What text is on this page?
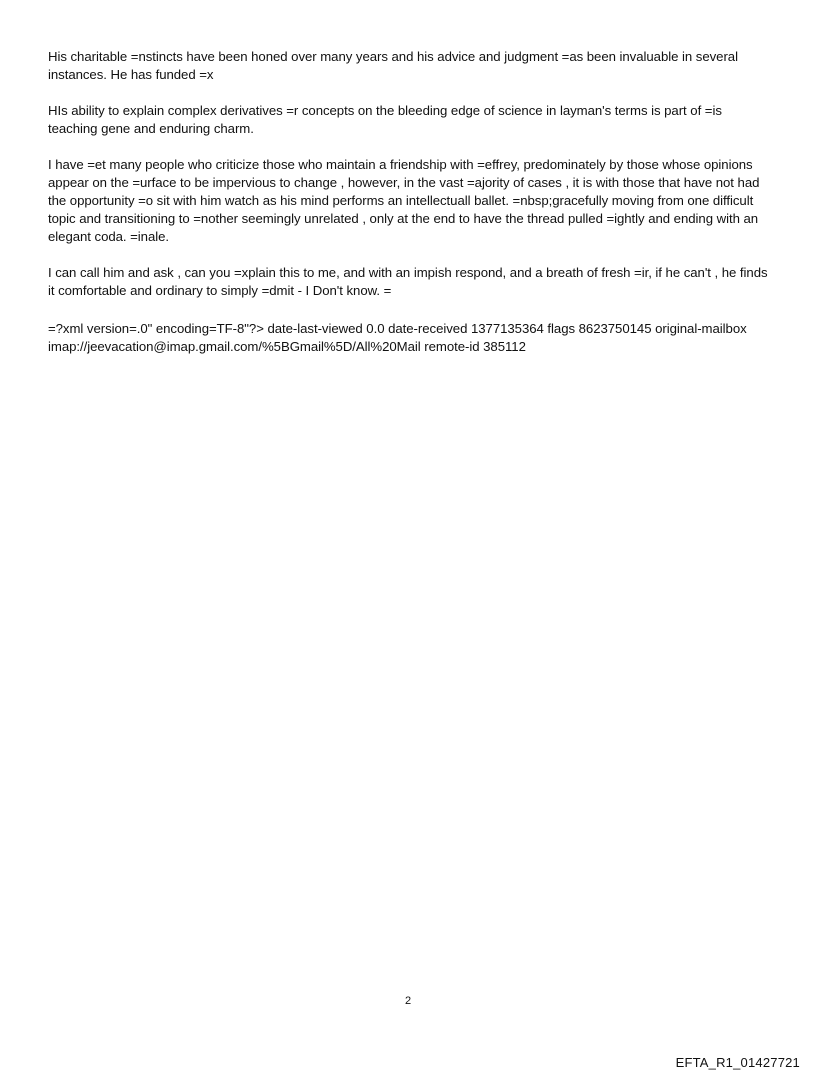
His charitable =nstincts have been honed over many years and his advice and judgment =as been invaluable in several instances. He has funded =x

HIs ability to explain complex derivatives =r concepts on the bleeding edge of science in layman's terms is part of =is teaching gene and enduring charm.

I have =et many people who criticize those who maintain a friendship with =effrey, predominately by those whose opinions appear on the =urface to be impervious to change , however, in the vast =ajority of cases , it is with those that have not had the opportunity =o sit with him watch as his mind performs an intellectuall ballet. =nbsp;gracefully moving from one difficult topic and transitioning to =nother seemingly unrelated , only at the end to have the thread pulled =ightly and ending with an elegant coda. =inale.

I can call him and ask , can you =xplain this to me, and with an impish respond, and a breath of fresh =ir, if he can't , he finds it comfortable and ordinary to simply =dmit - I Don't know. =

=?xml version=.0" encoding=TF-8"?> date-last-viewed 0.0 date-received 1377135364 flags 8623750145 original-mailbox imap://jeevacation@imap.gmail.com/%5BGmail%5D/All%20Mail remote-id 385112

2
EFTA_R1_01427721
